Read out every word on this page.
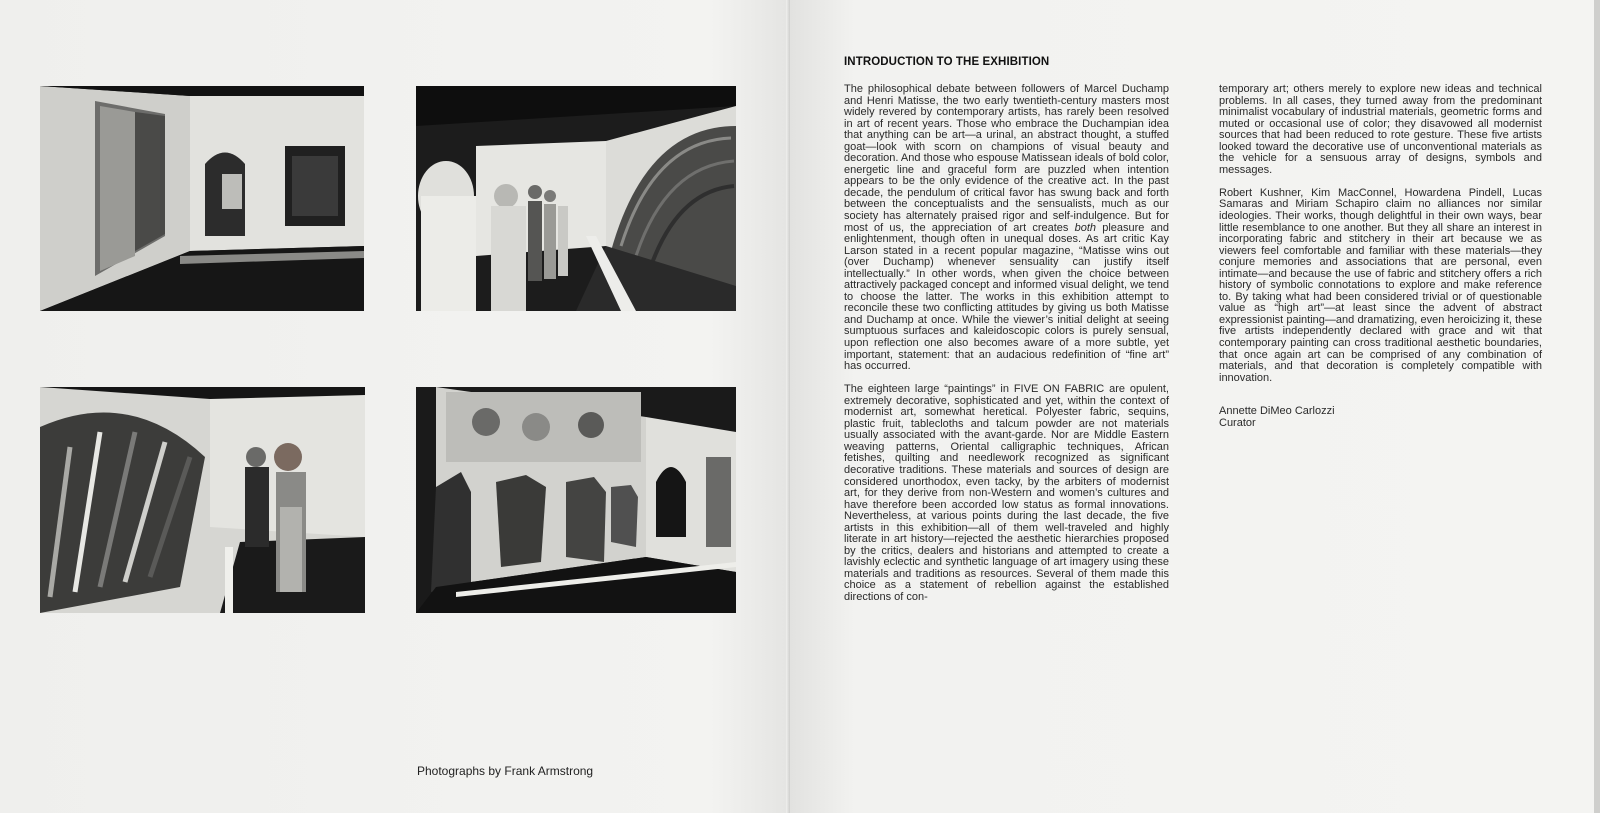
Photographs by Frank Armstrong
INTRODUCTION TO THE EXHIBITION

The philosophical debate between followers of Marcel Duchamp and Henri Matisse, the two early twentieth-century masters most widely revered by contemporary artists, has rarely been resolved in art of recent years. Those who embrace the Duchampian idea that anything can be art—a urinal, an abstract thought, a stuffed goat—look with scorn on champions of visual beauty and decoration. And those who espouse Matissean ideals of bold color, energetic line and graceful form are puzzled when intention appears to be the only evidence of the creative act. In the past decade, the pendulum of critical favor has swung back and forth between the conceptualists and the sensualists, much as our society has alternately praised rigor and self-indulgence. But for most of us, the appreciation of art creates both pleasure and enlightenment, though often in unequal doses. As art critic Kay Larson stated in a recent popular magazine, “Matisse wins out (over Duchamp) whenever sensuality can justify itself intellectually.” In other words, when given the choice between attractively packaged concept and informed visual delight, we tend to choose the latter. The works in this exhibition attempt to reconcile these two conflicting attitudes by giving us both Matisse and Duchamp at once. While the viewer’s initial delight at seeing sumptuous surfaces and kaleidoscopic colors is purely sensual, upon reflection one also becomes aware of a more subtle, yet important, statement: that an audacious redefinition of “fine art” has occurred.

The eighteen large “paintings” in FIVE ON FABRIC are opulent, extremely decorative, sophisticated and yet, within the context of modernist art, somewhat heretical. Polyester fabric, sequins, plastic fruit, tablecloths and talcum powder are not materials usually associated with the avant-garde. Nor are Middle Eastern weaving patterns, Oriental calligraphic techniques, African fetishes, quilting and needlework recognized as significant decorative traditions. These materials and sources of design are considered unorthodox, even tacky, by the arbiters of modernist art, for they derive from non-Western and women’s cultures and have therefore been accorded low status as formal innovations. Nevertheless, at various points during the last decade, the five artists in this exhibition—all of them well-traveled and highly literate in art history—rejected the aesthetic hierarchies proposed by the critics, dealers and historians and attempted to create a lavishly eclectic and synthetic language of art imagery using these materials and traditions as resources. Several of them made this choice as a statement of rebellion against the established directions of con-

temporary art; others merely to explore new ideas and technical problems. In all cases, they turned away from the predominant minimalist vocabulary of industrial materials, geometric forms and muted or occasional use of color; they disavowed all modernist sources that had been reduced to rote gesture. These five artists looked toward the decorative use of unconventional materials as the vehicle for a sensuous array of designs, symbols and messages.

Robert Kushner, Kim MacConnel, Howardena Pindell, Lucas Samaras and Miriam Schapiro claim no alliances nor similar ideologies. Their works, though delightful in their own ways, bear little resemblance to one another. But they all share an interest in incorporating fabric and stitchery in their art because we as viewers feel comfortable and familiar with these materials—they conjure memories and associations that are personal, even intimate—and because the use of fabric and stitchery offers a rich history of symbolic connotations to explore and make reference to. By taking what had been considered trivial or of questionable value as “high art”—at least since the advent of abstract expressionist painting—and dramatizing, even heroicizing it, these five artists independently declared with grace and wit that contemporary painting can cross traditional aesthetic boundaries, that once again art can be comprised of any combination of materials, and that decoration is completely compatible with innovation.

Annette DiMeo Carlozzi
Curator
